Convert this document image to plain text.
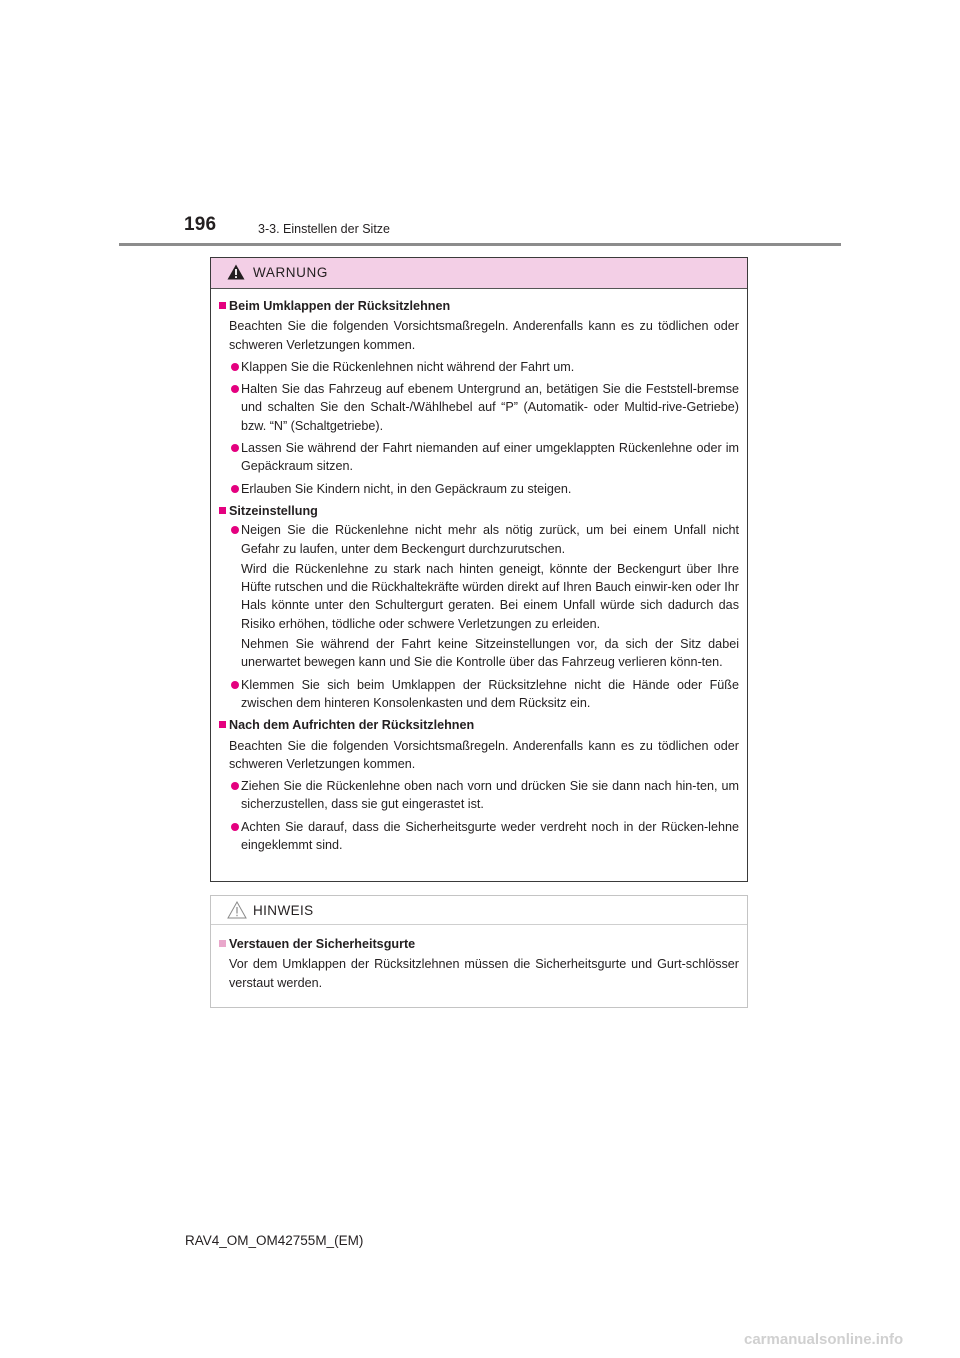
196	3-3. Einstellen der Sitze
WARNUNG
Beim Umklappen der Rücksitzlehnen
Beachten Sie die folgenden Vorsichtsmaßregeln. Anderenfalls kann es zu tödlichen oder schweren Verletzungen kommen.
Klappen Sie die Rückenlehnen nicht während der Fahrt um.
Halten Sie das Fahrzeug auf ebenem Untergrund an, betätigen Sie die Feststell-bremse und schalten Sie den Schalt-/Wählhebel auf “P” (Automatik- oder Multid-rive-Getriebe) bzw. “N” (Schaltgetriebe).
Lassen Sie während der Fahrt niemanden auf einer umgeklappten Rückenlehne oder im Gepäckraum sitzen.
Erlauben Sie Kindern nicht, in den Gepäckraum zu steigen.
Sitzeinstellung
Neigen Sie die Rückenlehne nicht mehr als nötig zurück, um bei einem Unfall nicht Gefahr zu laufen, unter dem Beckengurt durchzurutschen.
Wird die Rückenlehne zu stark nach hinten geneigt, könnte der Beckengurt über Ihre Hüfte rutschen und die Rückhaltekräfte würden direkt auf Ihren Bauch einwir-ken oder Ihr Hals könnte unter den Schultergurt geraten. Bei einem Unfall würde sich dadurch das Risiko erhöhen, tödliche oder schwere Verletzungen zu erleiden.
Nehmen Sie während der Fahrt keine Sitzeinstellungen vor, da sich der Sitz dabei unerwartet bewegen kann und Sie die Kontrolle über das Fahrzeug verlieren könn-ten.
Klemmen Sie sich beim Umklappen der Rücksitzlehne nicht die Hände oder Füße zwischen dem hinteren Konsolenkasten und dem Rücksitz ein.
Nach dem Aufrichten der Rücksitzlehnen
Beachten Sie die folgenden Vorsichtsmaßregeln. Anderenfalls kann es zu tödlichen oder schweren Verletzungen kommen.
Ziehen Sie die Rückenlehne oben nach vorn und drücken Sie sie dann nach hin-ten, um sicherzustellen, dass sie gut eingerastet ist.
Achten Sie darauf, dass die Sicherheitsgurte weder verdreht noch in der Rücken-lehne eingeklemmt sind.
HINWEIS
Verstauen der Sicherheitsgurte
Vor dem Umklappen der Rücksitzlehnen müssen die Sicherheitsgurte und Gurt-schlösser verstaut werden.
RAV4_OM_OM42755M_(EM)
carmanualsonline.info
